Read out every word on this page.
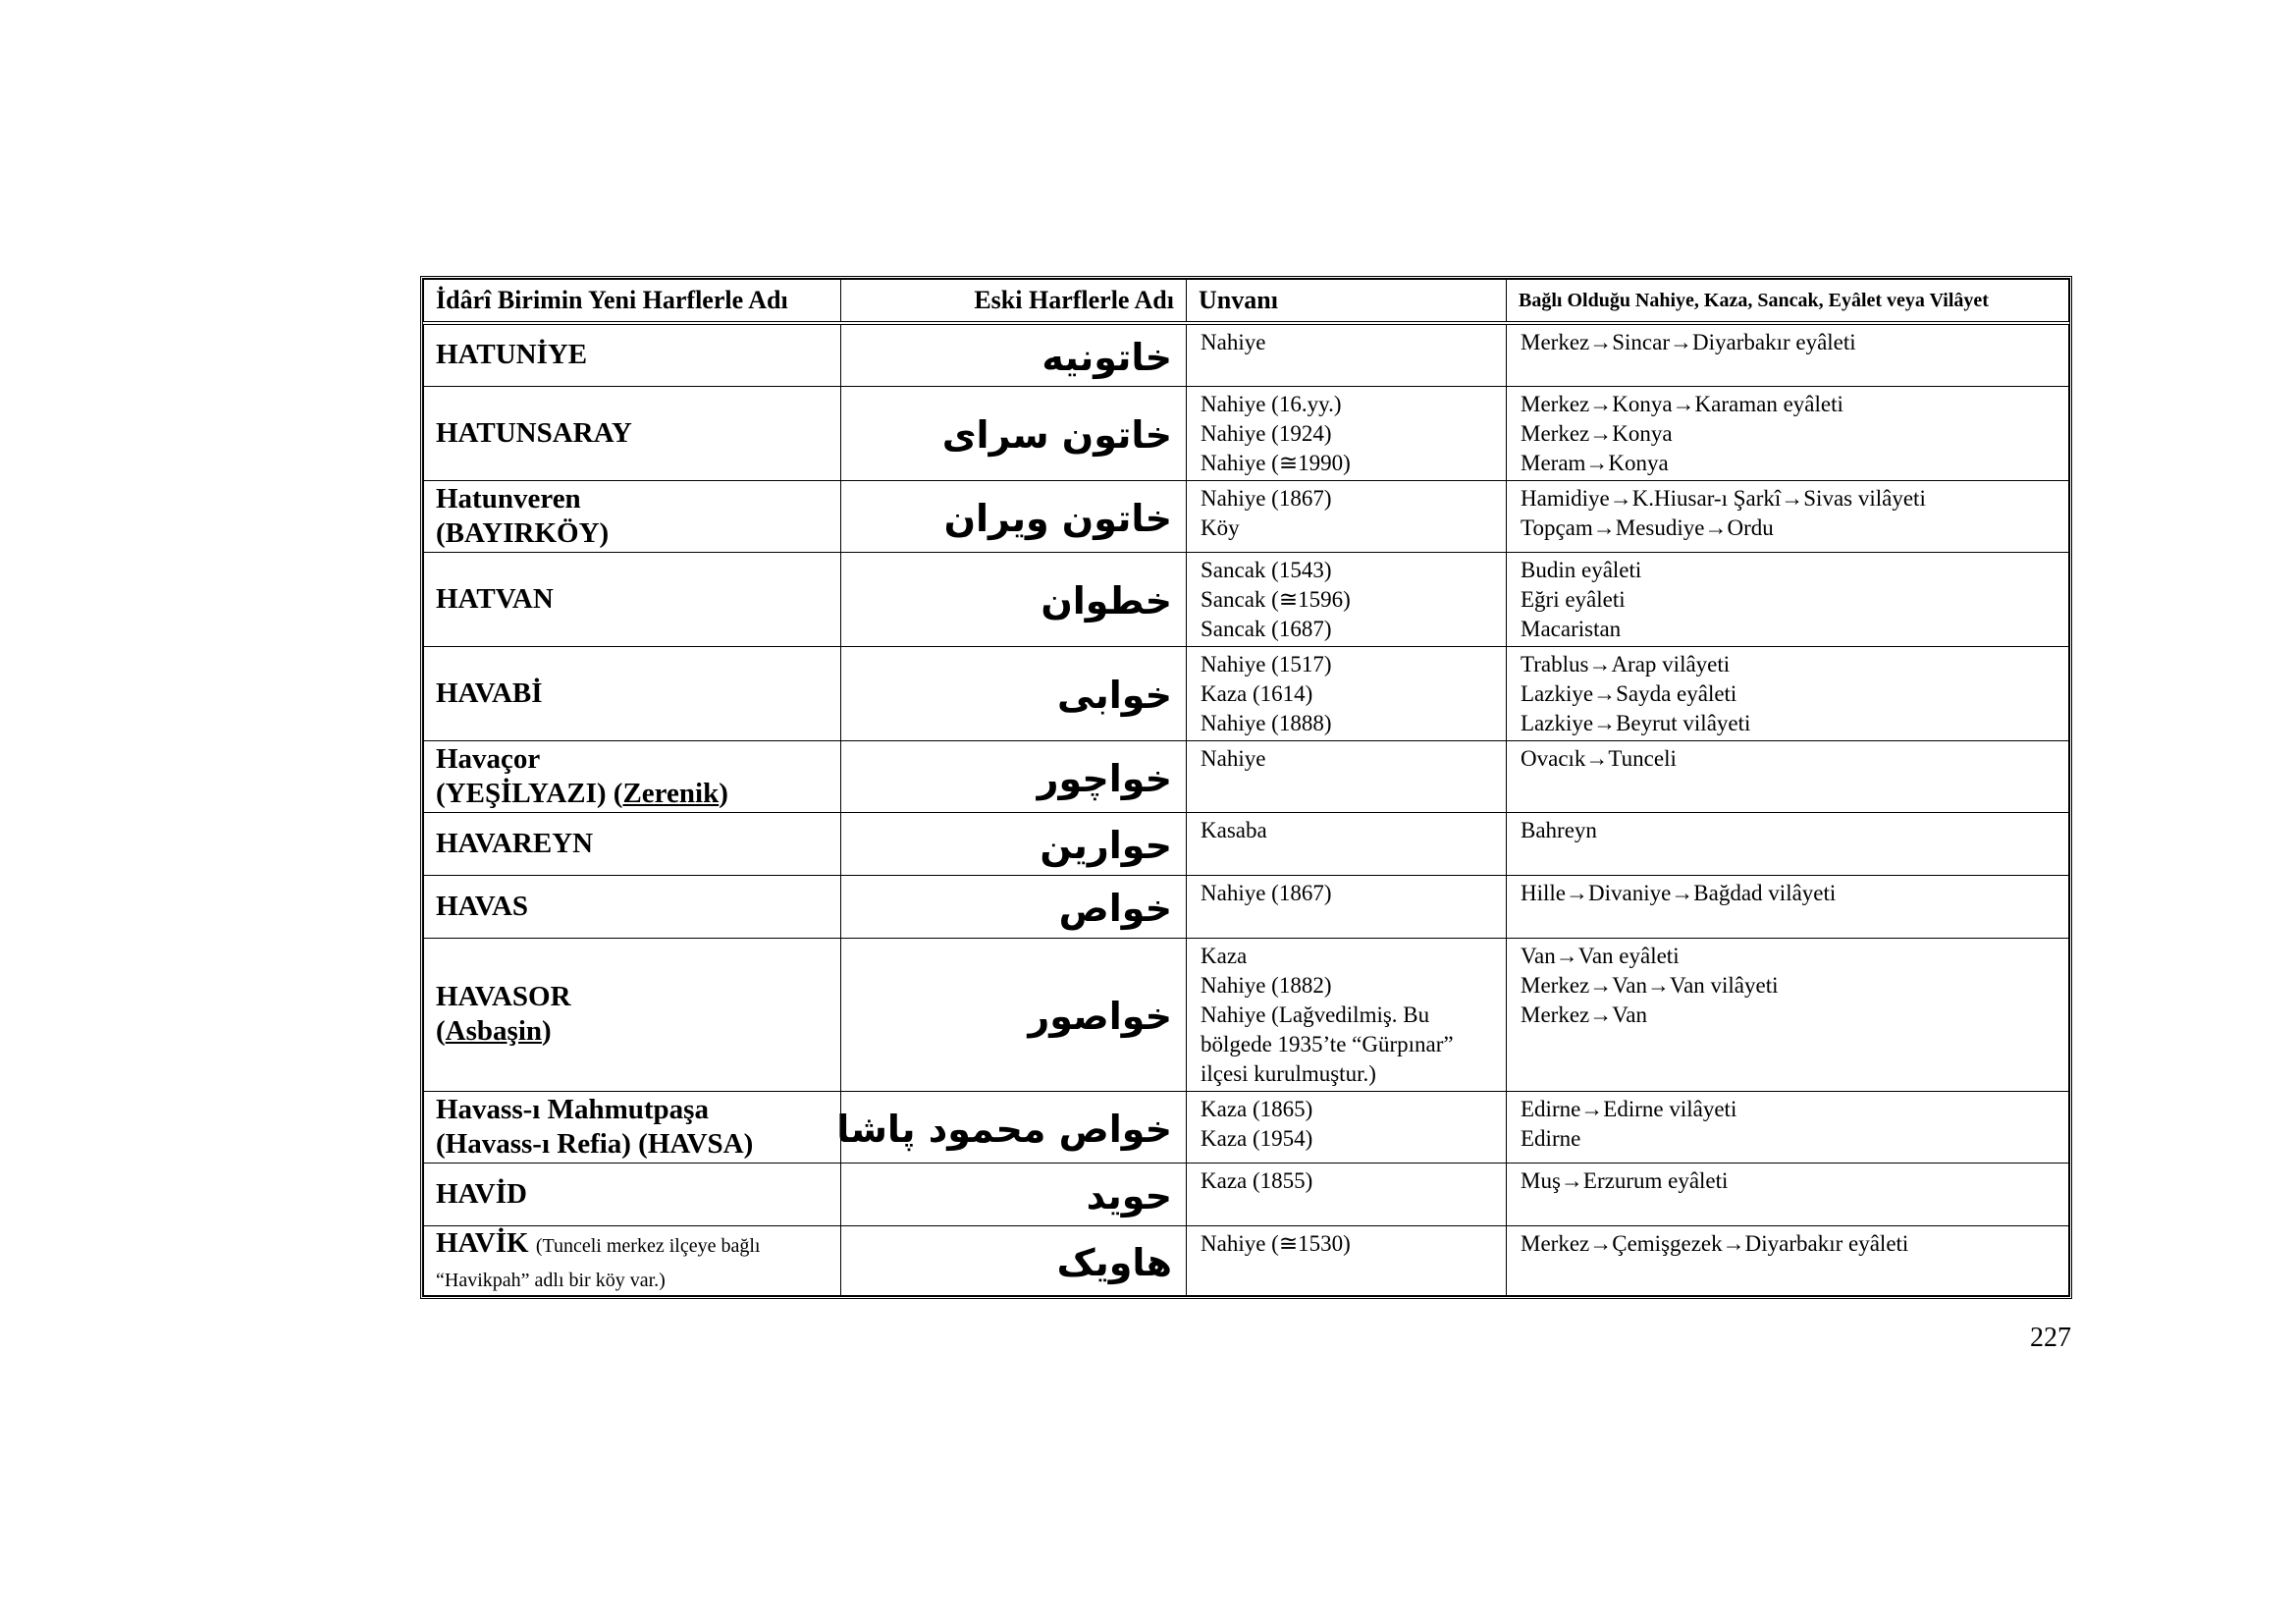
İdârî Birimin Yeni Harflerle Adı	Eski Harflerle Adı	Unvanı	Bağlı Olduğu Nahiye, Kaza, Sancak, Eyâlet veya Vilâyet

HATUNİYE	خاتونيه	Nahiye	Merkez→Sincar→Diyarbakır eyâleti

HATUNSARAY	خاتون سراى	Nahiye (16.yy.)
Nahiye (1924)
Nahiye (≅1990)	Merkez→Konya→Karaman eyâleti
Merkez→Konya
Meram→Konya

Hatunveren
(BAYIRKÖY)	خاتون ويران	Nahiye (1867)
Köy	Hamidiye→K.Hiusar-ı Şarkî→Sivas vilâyeti
Topçam→Mesudiye→Ordu

HATVAN	خطوان	Sancak (1543)
Sancak (≅1596)
Sancak (1687)	Budin eyâleti
Eğri eyâleti
Macaristan

HAVABİ	خوابى	Nahiye (1517)
Kaza (1614)
Nahiye (1888)	Trablus→Arap vilâyeti
Lazkiye→Sayda eyâleti
Lazkiye→Beyrut vilâyeti

Havaçor
(YEŞİLYAZI) (Zerenik)	خواچور	Nahiye	Ovacık→Tunceli

HAVAREYN	حوارين	Kasaba	Bahreyn

HAVAS	خواص	Nahiye (1867)	Hille→Divaniye→Bağdad vilâyeti

HAVASOR
(Asbaşin)	خواصور	Kaza
Nahiye (1882)
Nahiye (Lağvedilmiş. Bu bölgede 1935’te “Gürpınar” ilçesi kurulmuştur.)	Van→Van eyâleti
Merkez→Van→Van vilâyeti
Merkez→Van

Havass-ı Mahmutpaşa
(Havass-ı Refia) (HAVSA)	خواص محمود پاشا	Kaza (1865)
Kaza (1954)	Edirne→Edirne vilâyeti
Edirne

HAVİD	حويد	Kaza (1855)	Muş→Erzurum eyâleti

HAVİK (Tunceli merkez ilçeye bağlı “Havikpah” adlı bir köy var.)	هاويک	Nahiye (≅1530)	Merkez→Çemişgezek→Diyarbakır eyâleti
227
